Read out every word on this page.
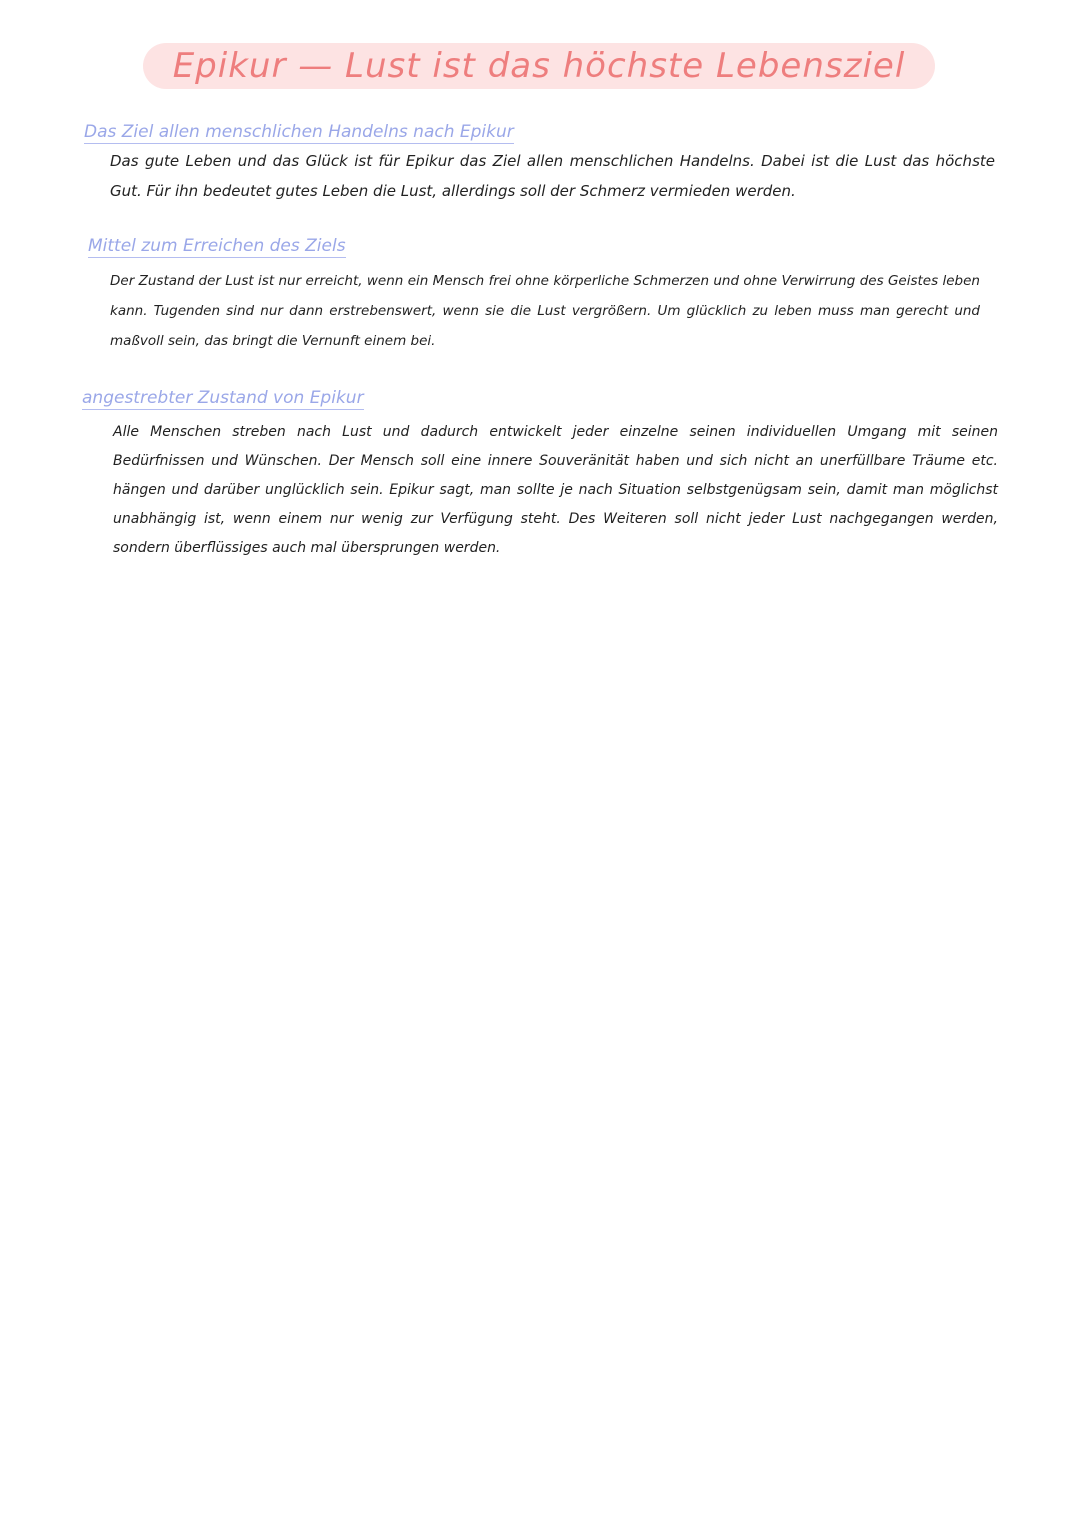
Epikur — Lust ist das höchste Lebensziel
Das Ziel allen menschlichen Handelns nach Epikur
Das gute Leben und das Glück ist für Epikur das Ziel allen menschlichen Handelns. Dabei ist die Lust das höchste Gut. Für ihn bedeutet gutes Leben die Lust, allerdings soll der Schmerz vermieden werden.
Mittel zum Erreichen des Ziels
Der Zustand der Lust ist nur erreicht, wenn ein Mensch frei ohne körperliche Schmerzen und ohne Verwirrung des Geistes leben kann. Tugenden sind nur dann erstrebenswert, wenn sie die Lust vergrößern. Um glücklich zu leben muss man gerecht und maßvoll sein, das bringt die Vernunft einem bei.
angestrebter Zustand von Epikur
Alle Menschen streben nach Lust und dadurch entwickelt jeder einzelne seinen individuellen Umgang mit seinen Bedürfnissen und Wünschen. Der Mensch soll eine innere Souveränität haben und sich nicht an unerfüllbare Träume etc. hängen und darüber unglücklich sein. Epikur sagt, man sollte je nach Situation selbstgenügsam sein, damit man möglichst unabhängig ist, wenn einem nur wenig zur Verfügung steht. Des Weiteren soll nicht jeder Lust nachgegangen werden, sondern überflüssiges auch mal übersprungen werden.
